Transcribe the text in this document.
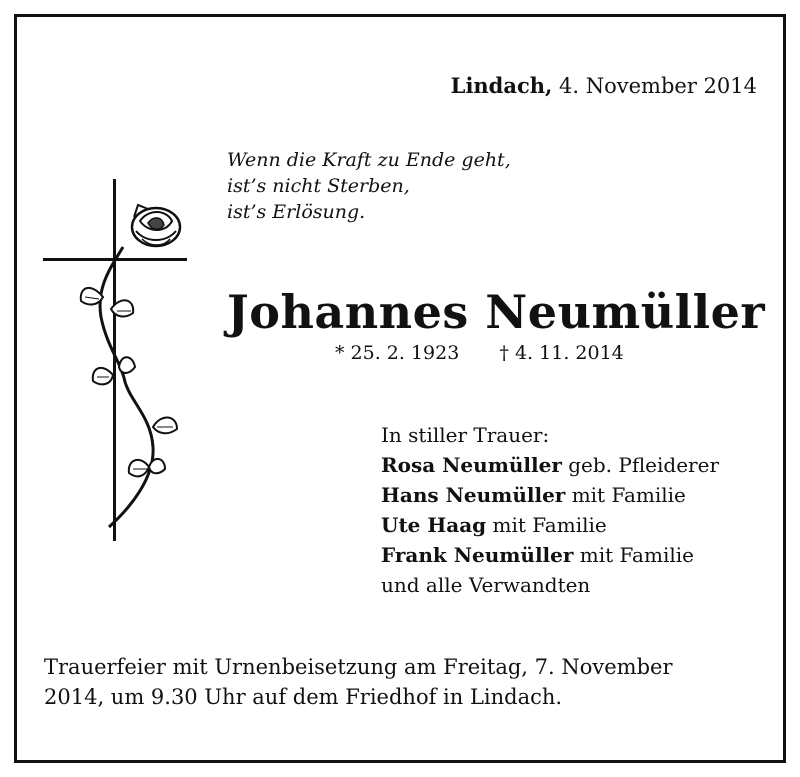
Lindach, 4. November 2014
Wenn die Kraft zu Ende geht,
ist’s nicht Sterben,
ist’s Erlösung.
Johannes Neumüller
* 25. 2. 1923 † 4. 11. 2014
In stiller Trauer:
Rosa Neumüller geb. Pfleiderer
Hans Neumüller mit Familie
Ute Haag mit Familie
Frank Neumüller mit Familie
und alle Verwandten
Trauerfeier mit Urnenbeisetzung am Freitag, 7. November
2014, um 9.30 Uhr auf dem Friedhof in Lindach.
